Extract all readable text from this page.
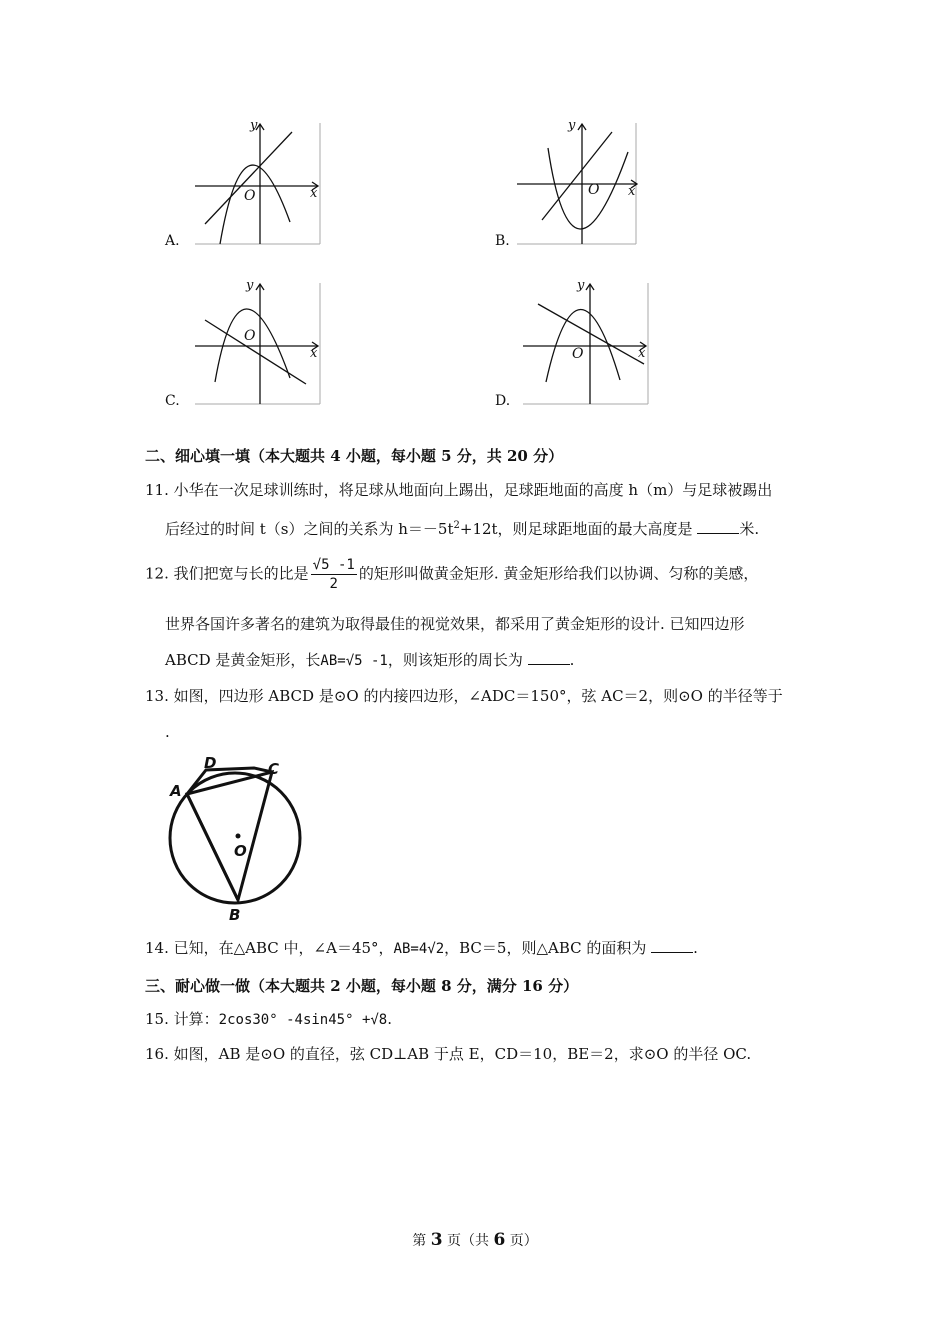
y
x
O
A.
y
x
O
B.
y
x
O
C.
y
x
O
D.
二、细心填一填（本大题共 4 小题，每小题 5 分，共 20 分）
11. 小华在一次足球训练时，将足球从地面向上踢出，足球距地面的高度 h（m）与足球被踢出
后经过的时间 t（s）之间的关系为 $h=-5t^2+12t$，则足球距地面的最大高度是	米.
12. 我们把宽与长的比是 $\frac{√5 -1}{2}$ 的矩形叫做黄金矩形. 黄金矩形给我们以协调、匀称的美感，
世界各国许多著名的建筑为取得最佳的视觉效果，都采用了黄金矩形的设计. 已知四边形
ABCD 是黄金矩形，长AB=√5 -1，则该矩形的周长为	.
13. 如图，四边形 ABCD 是⊙O 的内接四边形，∠ADC＝150°，弦 AC＝2，则⊙O 的半径等于
.
D	C
A
O
B
14. 已知，在△ABC 中，∠A＝45°，AB=4√2，BC＝5，则△ABC 的面积为	.
三、耐心做一做（本大题共 2 小题，每小题 8 分，满分 16 分）
15. 计算：2cos30° -4sin45° +√8.
16. 如图，AB 是⊙O 的直径，弦 CD⊥AB 于点 E，CD＝10，BE＝2，求⊙O 的半径 OC.
第 3 页（共 6 页）
